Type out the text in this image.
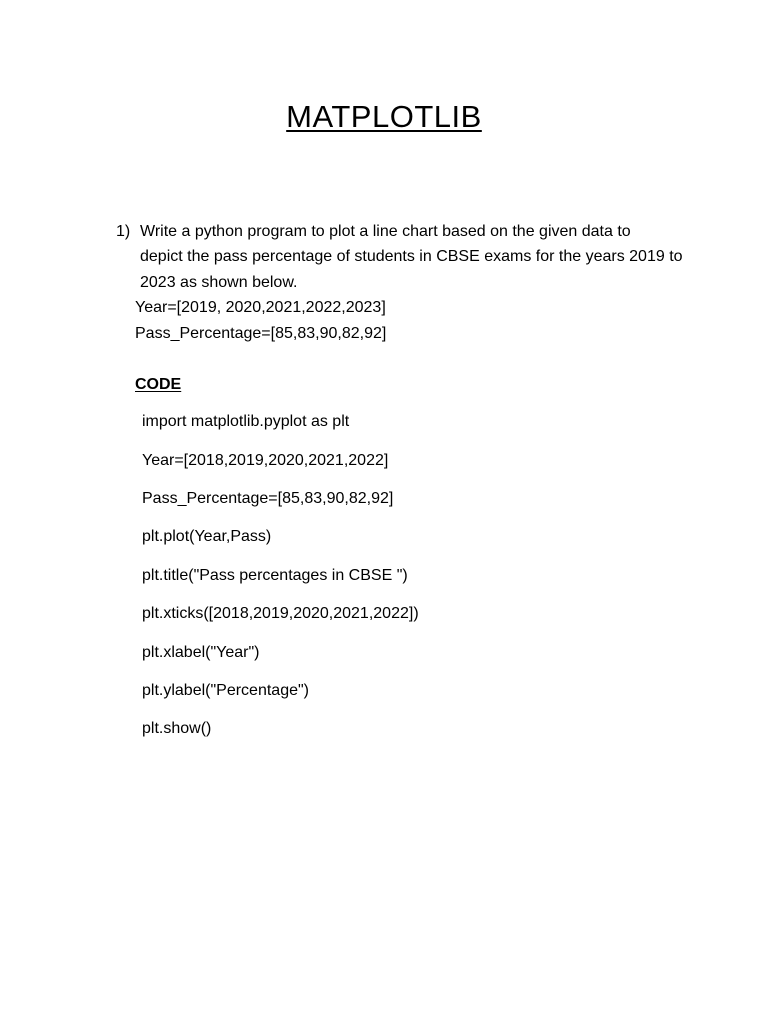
MATPLOTLIB
1) Write a python program to plot a line chart based on the given data to
depict the pass percentage of students in CBSE exams for the years 2019 to
2023 as shown below.
Year=[2019, 2020,2021,2022,2023]
Pass_Percentage=[85,83,90,82,92]
CODE
import matplotlib.pyplot as plt
Year=[2018,2019,2020,2021,2022]
Pass_Percentage=[85,83,90,82,92]
plt.plot(Year,Pass)
plt.title("Pass percentages in CBSE ")
plt.xticks([2018,2019,2020,2021,2022])
plt.xlabel("Year")
plt.ylabel("Percentage")
plt.show()
